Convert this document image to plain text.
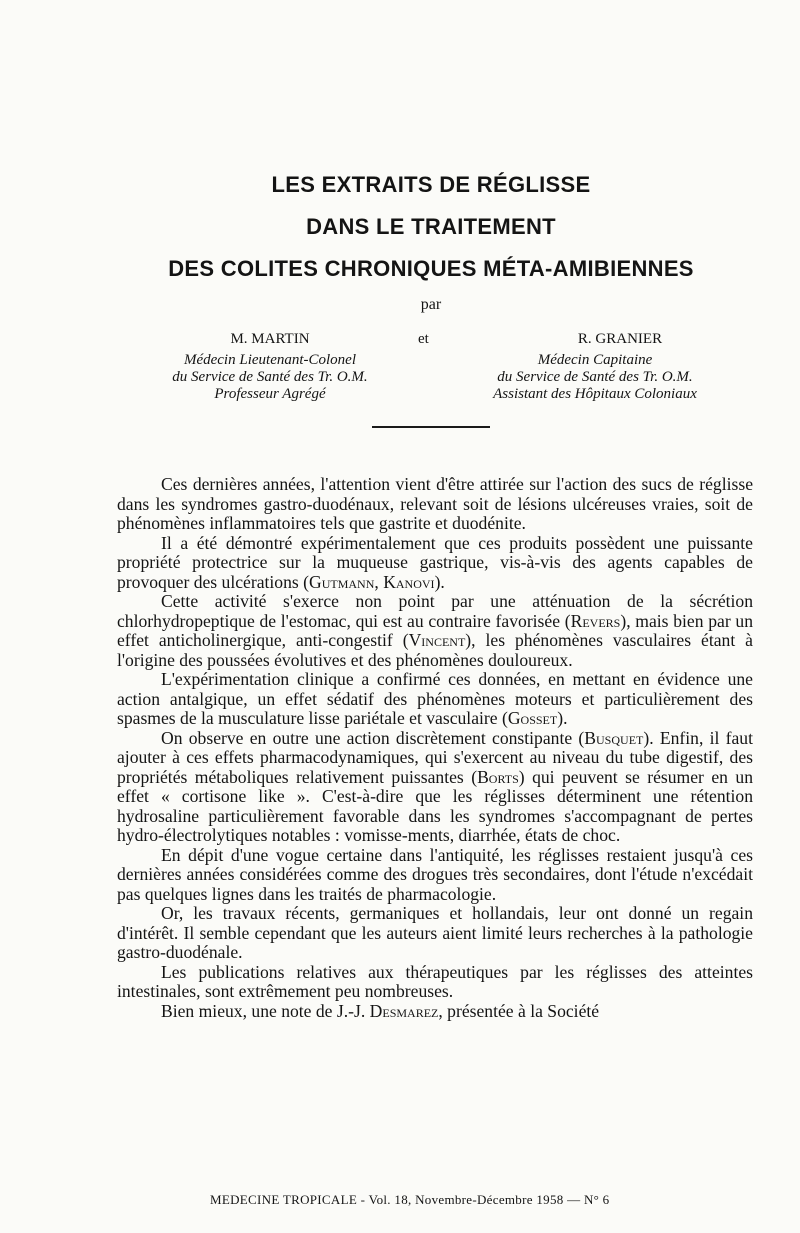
LES EXTRAITS DE RÉGLISSE
DANS LE TRAITEMENT
DES COLITES CHRONIQUES MÉTA-AMIBIENNES
par
M. MARTIN	et	R. GRANIER
Médecin Lieutenant-Colonel
du Service de Santé des Tr. O.M.
Professeur Agrégé
Médecin Capitaine
du Service de Santé des Tr. O.M.
Assistant des Hôpitaux Coloniaux

Ces dernières années, l'attention vient d'être attirée sur l'action des sucs de réglisse dans les syndromes gastro-duodénaux, relevant soit de lésions ulcéreuses vraies, soit de phénomènes inflammatoires tels que gastrite et duodénite.

Il a été démontré expérimentalement que ces produits possèdent une puissante propriété protectrice sur la muqueuse gastrique, vis-à-vis des agents capables de provoquer des ulcérations (Gutmann, Kanovi).

Cette activité s'exerce non point par une atténuation de la sécrétion chlorhydropeptique de l'estomac, qui est au contraire favorisée (Revers), mais bien par un effet anticholinergique, anti-congestif (Vincent), les phénomènes vasculaires étant à l'origine des poussées évolutives et des phénomènes douloureux.

L'expérimentation clinique a confirmé ces données, en mettant en évidence une action antalgique, un effet sédatif des phénomènes moteurs et particulièrement des spasmes de la musculature lisse pariétale et vasculaire (Gosset).

On observe en outre une action discrètement constipante (Busquet). Enfin, il faut ajouter à ces effets pharmacodynamiques, qui s'exercent au niveau du tube digestif, des propriétés métaboliques relativement puissantes (Borts) qui peuvent se résumer en un effet « cortisone like ». C'est-à-dire que les réglisses déterminent une rétention hydrosaline particulièrement favorable dans les syndromes s'accompagnant de pertes hydro-électrolytiques notables : vomisse-ments, diarrhée, états de choc.

En dépit d'une vogue certaine dans l'antiquité, les réglisses restaient jusqu'à ces dernières années considérées comme des drogues très secondaires, dont l'étude n'excédait pas quelques lignes dans les traités de pharmacologie.

Or, les travaux récents, germaniques et hollandais, leur ont donné un regain d'intérêt. Il semble cependant que les auteurs aient limité leurs recherches à la pathologie gastro-duodénale.

Les publications relatives aux thérapeutiques par les réglisses des atteintes intestinales, sont extrêmement peu nombreuses.

Bien mieux, une note de J.-J. Desmarez, présentée à la Société

MEDECINE TROPICALE - Vol. 18, Novembre-Décembre 1958 — N° 6
